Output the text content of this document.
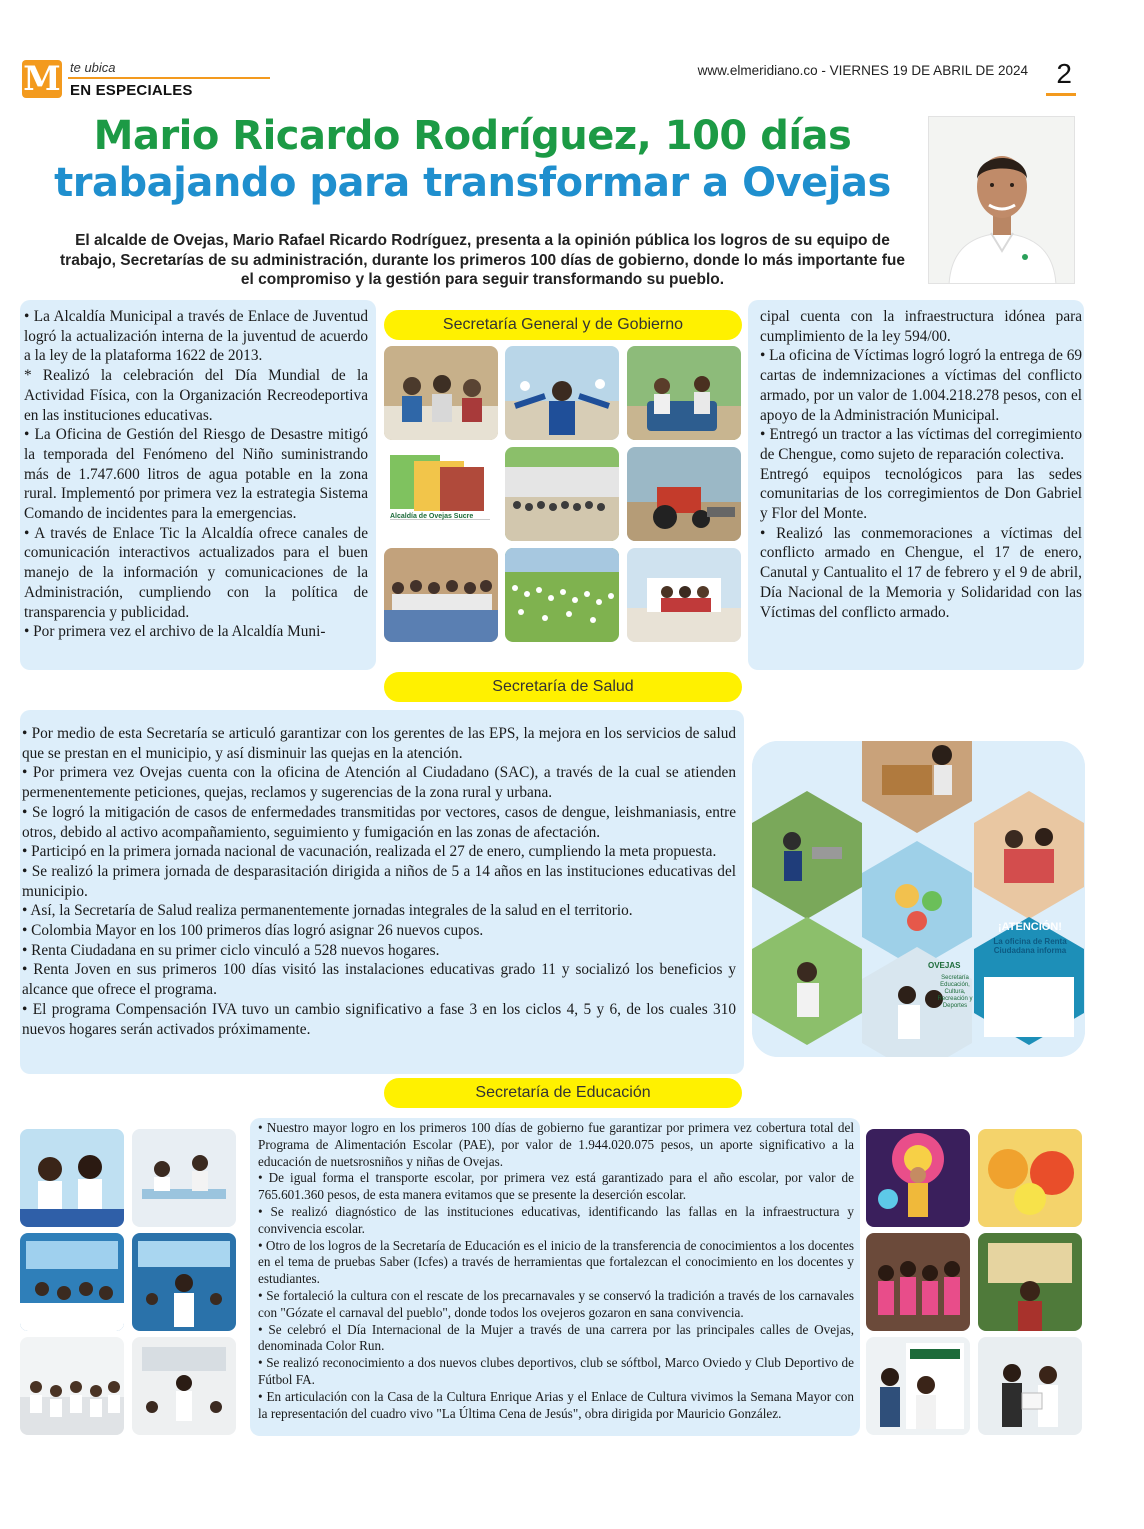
M te ubica
EN ESPECIALES
www.elmeridiano.co - VIERNES 19 DE ABRIL DE 2024 2
Mario Ricardo Rodríguez, 100 días
trabajando para transformar a Ovejas

El alcalde de Ovejas, Mario Rafael Ricardo Rodríguez, presenta a la opinión pública los logros de su equipo de trabajo, Secretarías de su administración, durante los primeros 100 días de gobierno, donde lo más importante fue el compromiso y la gestión para seguir transformando su pueblo.

• La Alcaldía Municipal a través de Enlace de Juventud logró la actualización interna de la juventud de acuerdo a la ley de la plataforma 1622 de 2013.

* Realizó la celebración del Día Mundial de la Actividad Física, con la Organización Recreodeportiva en las instituciones educativas.

• La Oficina de Gestión del Riesgo de Desastre mitigó la temporada del Fenómeno del Niño suministrando más de 1.747.600 litros de agua potable en la zona rural. Implementó por primera vez la estrategia Sistema Comando de incidentes para la emergencias.

• A través de Enlace Tic la Alcaldía ofrece canales de comunicación interactivos actualizados para el buen manejo de la información y comunicaciones de la Administración, cumpliendo con la política de transparencia y publicidad.

• Por primera vez el archivo de la Alcaldía Muni-

cipal cuenta con la infraestructura idónea para cumplimiento de la ley 594/00.

• La oficina de Víctimas logró logró la entrega de 69 cartas de indemnizaciones a víctimas del conflicto armado, por un valor de 1.004.218.278 pesos, con el apoyo de la Administración Municipal.

• Entregó un tractor a las víctimas del corregimiento de Chengue, como sujeto de reparación colectiva.

Entregó equipos tecnológicos para las sedes comunitarias de los corregimientos de Don Gabriel y Flor del Monte.

• Realizó las conmemoraciones a víctimas del conflicto armado en Chengue, el 17 de enero, Canutal y Cantualito el 17 de febrero y el 9 de abril, Día Nacional de la Memoria y Solidaridad con las Víctimas del conflicto armado.

Secretaría General y de Gobierno
Alcaldía de Ovejas Sucre
Secretaría de Salud

• Por medio de esta Secretaría se articuló garantizar con los gerentes de las EPS, la mejora en los servicios de salud que se prestan en el municipio, y así disminuir las quejas en la atención.

• Por primera vez Ovejas cuenta con la oficina de Atención al Ciudadano (SAC), a través de la cual se atienden permenentemente peticiones, quejas, reclamos y sugerencias de la zona rural y urbana.

• Se logró la mitigación de casos de enfermedades transmitidas por vectores, casos de dengue, leishmaniasis, entre otros, debido al activo acompañamiento, seguimiento y fumigación en las zonas de afectación.

• Participó en la primera jornada nacional de vacunación, realizada el 27 de enero, cumpliendo la meta propuesta.

• Se realizó la primera jornada de desparasitación dirigida a niños de 5 a 14 años en las instituciones educativas del municipio.

• Así, la Secretaría de Salud realiza permanentemente jornadas integrales de la salud en el territorio.

• Colombia Mayor en los 100 primeros días logró asignar 26 nuevos cupos.

• Renta Ciudadana en su primer ciclo vinculó a 528 nuevos hogares.

• Renta Joven en sus primeros 100 días visitó las instalaciones educativas grado 11 y socializó los beneficios y alcance que ofrece el programa.

• El programa Compensación IVA tuvo un cambio significativo a fase 3 en los ciclos 4, 5 y 6, de los cuales 310 nuevos hogares serán activados próximamente.

¡ATENCIÓN!
La oficina de Renta Ciudadana informa
OVEJAS
Secretaría Educación, Cultura, Recreación y Deportes
Secretaría de Educación

• Nuestro mayor logro en los primeros 100 días de gobierno fue garantizar por primera vez cobertura total del Programa de Alimentación Escolar (PAE), por valor de 1.944.020.075 pesos, un aporte significativo a la educación de nuetsrosniños y niñas de Ovejas.

• De igual forma el transporte escolar, por primera vez está garantizado para el año escolar, por valor de 765.601.360 pesos, de esta manera evitamos que se presente la deserción escolar.

• Se realizó diagnóstico de las instituciones educativas, identificando las fallas en la infraestructura y convivencia escolar.

• Otro de los logros de la Secretaría de Educación es el inicio de la transferencia de conocimientos a los docentes en el tema de pruebas Saber (Icfes) a través de herramientas que fortalezcan el conocimiento en los docentes y estudiantes.

• Se fortaleció la cultura con el rescate de los precarnavales y se conservó la tradición a través de los carnavales con "Gózate el carnaval del pueblo", donde todos los ovejeros gozaron en sana convivencia.

• Se celebró el Día Internacional de la Mujer a través de una carrera por las principales calles de Ovejas, denominada Color Run.

• Se realizó reconocimiento a dos nuevos clubes deportivos, club se sóftbol, Marco Oviedo y Club Deportivo de Fútbol FA.

• En articulación con la Casa de la Cultura Enrique Arias y el Enlace de Cultura vivimos la Semana Mayor con la representación del cuadro vivo "La Última Cena de Jesús", obra dirigida por Mauricio González.
